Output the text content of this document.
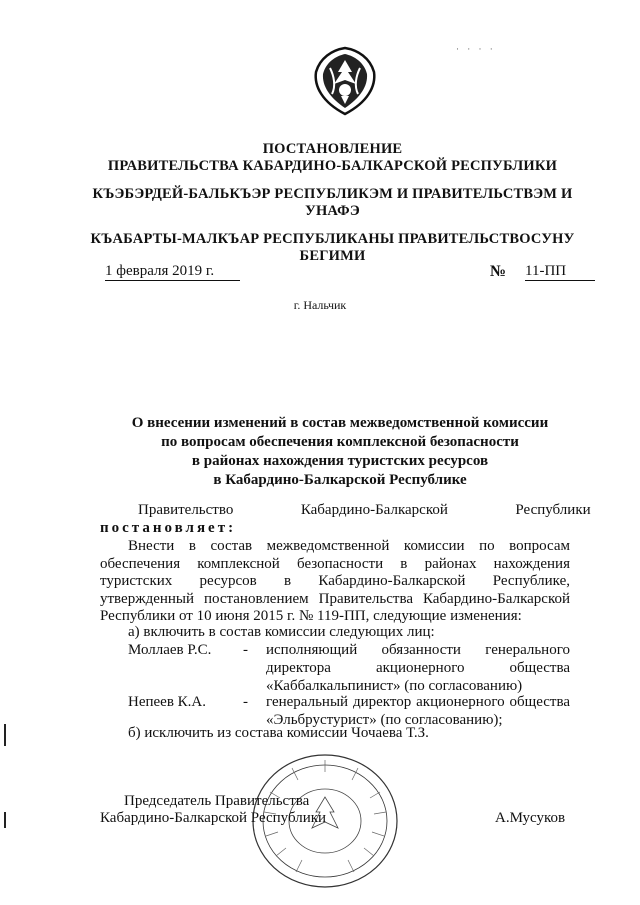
ПОСТАНОВЛЕНИЕ
ПРАВИТЕЛЬСТВА КАБАРДИНО-БАЛКАРСКОЙ РЕСПУБЛИКИ
КЪЭБЭРДЕЙ-БАЛЬКЪЭР РЕСПУБЛИКЭМ И ПРАВИТЕЛЬСТВЭМ И
УНАФЭ
КЪАБАРТЫ-МАЛКЪАР РЕСПУБЛИКАНЫ ПРАВИТЕЛЬСТВОСУНУ
БЕГИМИ
1 февраля 2019 г.	№ 11-ПП
г. Нальчик
О внесении изменений в состав межведомственной комиссии
по вопросам обеспечения комплексной безопасности
в районах нахождения туристских ресурсов
в Кабардино-Балкарской Республике
Правительство                  Кабардино-Балкарской                  Республики
постановляет:
Внести в состав межведомственной комиссии по вопросам обеспечения комплексной безопасности в районах нахождения туристских ресурсов в Кабардино-Балкарской Республике, утвержденный постановлением Правительства Кабардино-Балкарской Республики от 10 июня 2015 г. № 119-ПП, следующие изменения:
а) включить в состав комиссии следующих лиц:
Моллаев Р.С. - исполняющий обязанности генерального директора акционерного общества
«Каббалкальпинист» (по согласованию)
Непеев К.А. - генеральный директор акционерного общества
«Эльбрустурист» (по согласованию);
б) исключить из состава комиссии Чочаева Т.З.
Председатель Правительства
Кабардино-Балкарской Республики	А.Мусуков
· · · ·
